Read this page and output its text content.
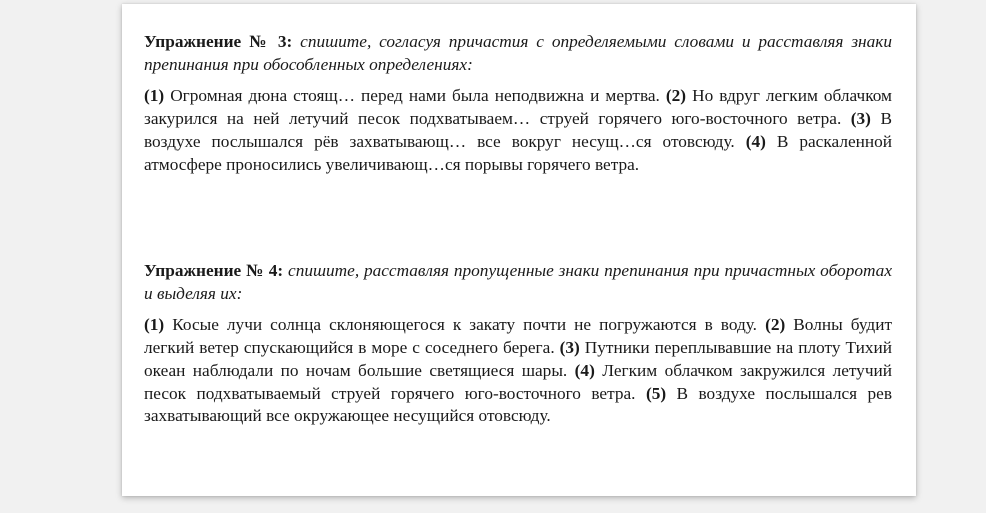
Упражнение № 3: спишите, согласуя причастия с определяемыми словами и расставляя знаки препинания при обособленных определениях:

(1) Огромная дюна стоящ… перед нами была неподвижна и мертва. (2) Но вдруг легким облачком закурился на ней летучий песок подхватываем… струей горячего юго-восточного ветра. (3) В воздухе послышался рёв захватывающ… все вокруг несущ…ся отовсюду. (4) В раскаленной атмосфере проносились увеличивающ…ся порывы горячего ветра.

Упражнение № 4: спишите, расставляя пропущенные знаки препинания при причастных оборотах и выделяя их:

(1) Косые лучи солнца склоняющегося к закату почти не погружаются в воду. (2) Волны будит легкий ветер спускающийся в море с соседнего берега. (3) Путники переплывавшие на плоту Тихий океан наблюдали по ночам большие светящиеся шары. (4) Легким облачком закружился летучий песок подхватываемый струей горячего юго-восточного ветра. (5) В воздухе послышался рев захватывающий все окружающее несущийся отовсюду.
